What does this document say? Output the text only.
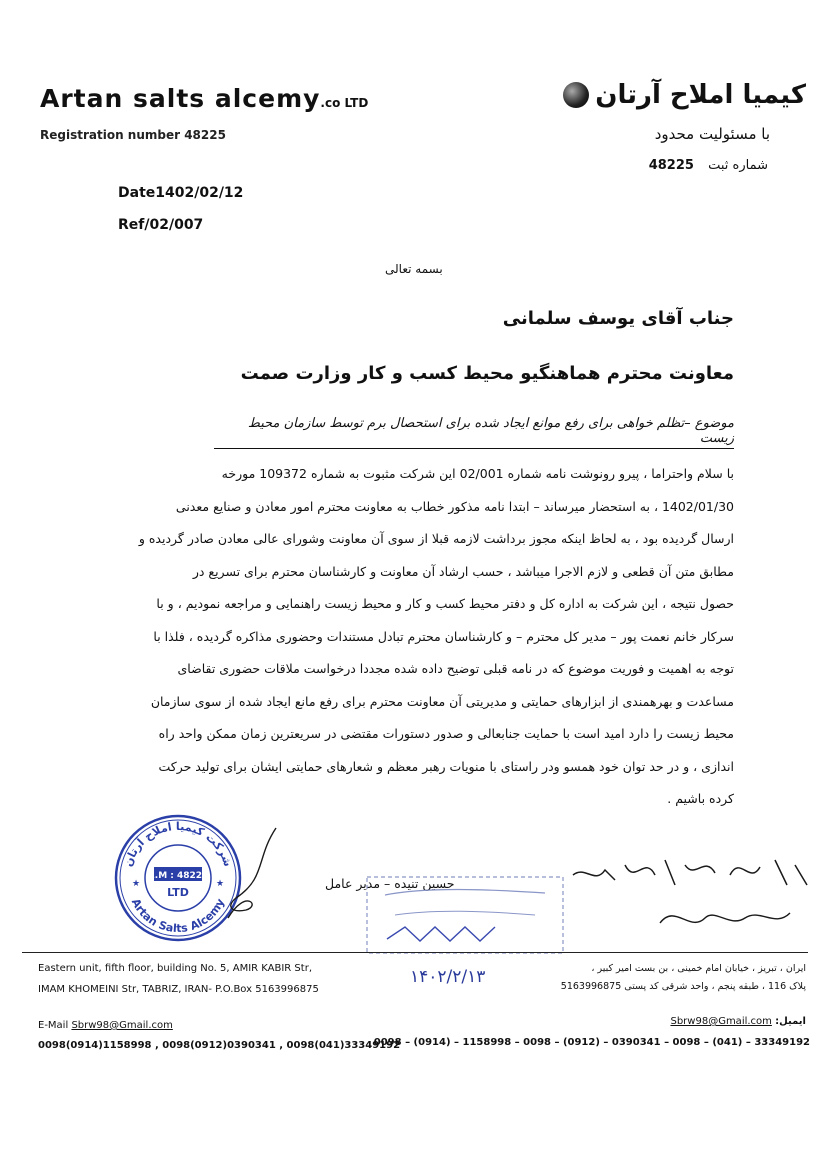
Artan salts alcemy.co LTD
Registration number 48225
کیمیا املاح آرتان
با مسئولیت محدود
شماره ثبت 48225
Date1402/02/12
Ref/02/007
بسمه تعالی
جناب آقای یوسف سلمانی
معاونت محترم هماهنگیو محیط کسب و کار وزارت صمت
موضوع –تظلم خواهی برای رفع موانع ایجاد شده برای استحصال برم توسط سازمان محیط زیست

با سلام واحتراما ، پیرو رونوشت نامه شماره 02/001 این شرکت مثبوت به شماره 109372 مورخه

1402/01/30 ، به استحضار میرساند – ابتدا نامه مذکور خطاب به معاونت محترم امور معادن و صنایع معدنی

ارسال گردیده بود ، به لحاظ اینکه مجوز برداشت لازمه قبلا از سوی آن معاونت وشورای عالی معادن صادر گردیده و

مطابق متن آن قطعی و لازم الاجرا میباشد ، حسب ارشاد آن معاونت و کارشناسان محترم برای تسریع در

حصول نتیجه ، این شرکت به اداره کل و دفتر محیط کسب و کار و محیط زیست راهنمایی و مراجعه نمودیم ، و با

سرکار خانم نعمت پور – مدیر کل محترم – و کارشناسان محترم تبادل مستندات وحضوری مذاکره گردیده ، فلذا با

توجه به اهمیت و فوریت موضوع که در نامه قبلی توضیح داده شده مجددا درخواست ملاقات حضوری تقاضای

مساعدت و بهرهمندی از ابزارهای حمایتی و مدیریتی آن معاونت محترم برای رفع مانع ایجاد شده از سوی سازمان

محیط زیست را دارد امید است با حمایت جنابعالی و صدور دستورات مقتضی در سریعترین زمان ممکن واحد راه

اندازی ، و در حد توان خود همسو ودر راستای با منویات رهبر معظم و شعارهای حمایتی ایشان برای تولید حرکت

کرده باشیم .

شرکت کیمیا املاح آرتان
Artan Salts Alcemy
R.M : 48225
LTD
★	★	حسین تنیده – مدیر عامل
۱۴۰۲/۲/۱۳
Eastern unit, fifth floor, building No. 5, AMIR KABIR Str,
IMAM KHOMEINI Str, TABRIZ, IRAN- P.O.Box 5163996875
ایران ، تبریز ، خیابان امام خمینی ، بن بست امیر کبیر ،
پلاک 116 ، طبقه پنجم ، واحد شرقی کد پستی 5163996875
E-Mail Sbrw98@Gmail.com	ایمیل: Sbrw98@Gmail.com
0098(0914)1158998 , 0098(0912)0390341 , 0098(041)33349192
0098 – (0914) – 1158998 – 0098 – (0912) – 0390341 – 0098 – (041) – 33349192
